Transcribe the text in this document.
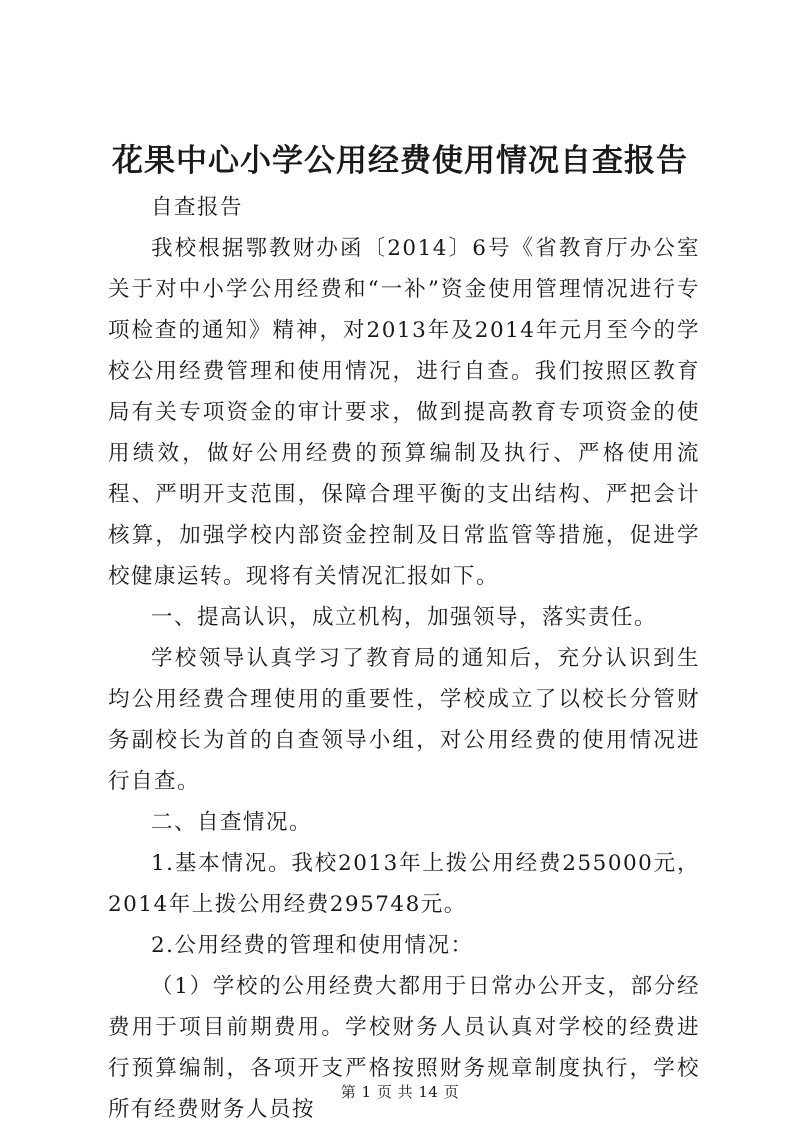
花果中心小学公用经费使用情况自查报告

自查报告

我校根据鄂教财办函〔2014〕6号《省教育厅办公室关于对中小学公用经费和“一补”资金使用管理情况进行专项检查的通知》精神，对2013年及2014年元月至今的学校公用经费管理和使用情况，进行自查。我们按照区教育局有关专项资金的审计要求，做到提高教育专项资金的使用绩效，做好公用经费的预算编制及执行、严格使用流程、严明开支范围，保障合理平衡的支出结构、严把会计核算，加强学校内部资金控制及日常监管等措施，促进学校健康运转。现将有关情况汇报如下。

一、提高认识，成立机构，加强领导，落实责任。

学校领导认真学习了教育局的通知后，充分认识到生均公用经费合理使用的重要性，学校成立了以校长分管财务副校长为首的自查领导小组，对公用经费的使用情况进行自查。

二、自查情况。

1.基本情况。我校2013年上拨公用经费255000元，2014年上拨公用经费295748元。

2.公用经费的管理和使用情况：

（1）学校的公用经费大都用于日常办公开支，部分经费用于项目前期费用。学校财务人员认真对学校的经费进行预算编制，各项开支严格按照财务规章制度执行，学校所有经费财务人员按

第 1 页 共 14 页
